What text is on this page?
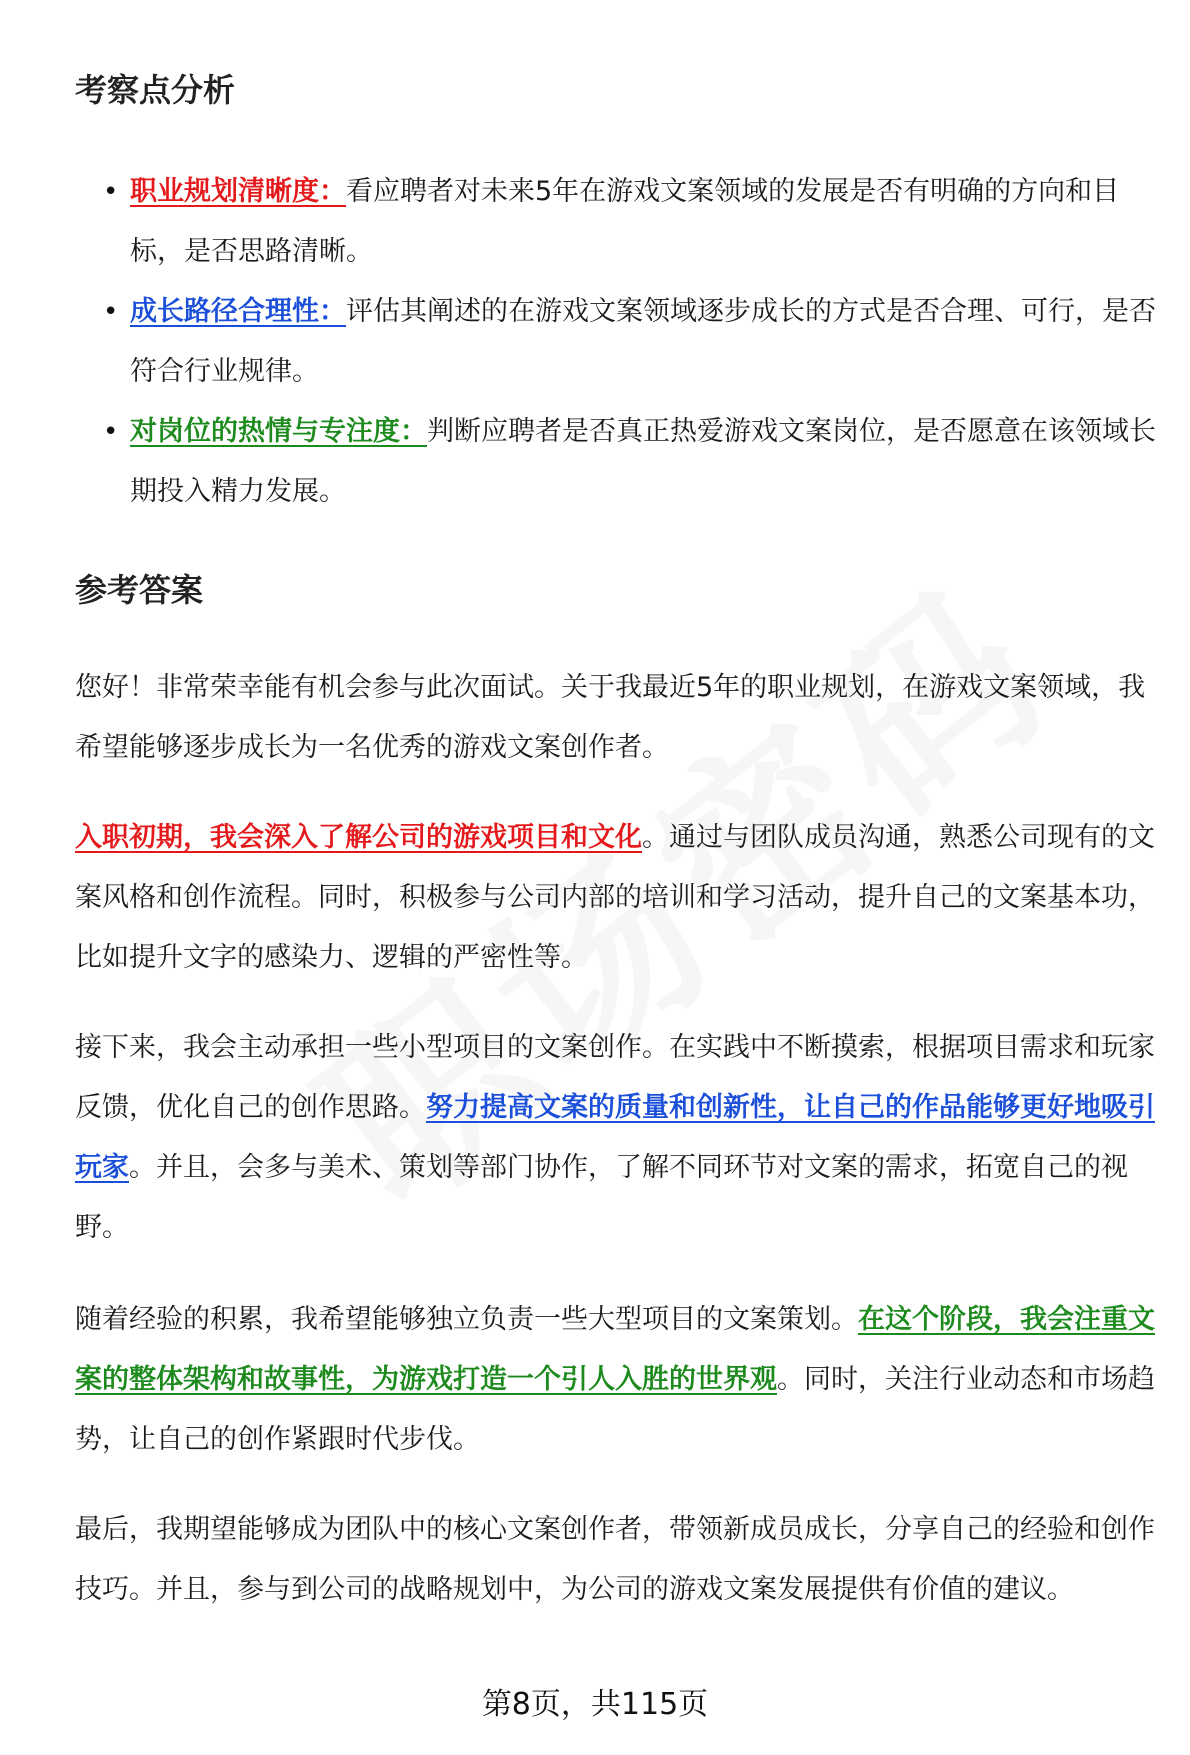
考察点分析
• 职业规划清晰度：看应聘者对未来5年在游戏文案领域的发展是否有明确的方向和目标，是否思路清晰。
• 成长路径合理性：评估其阐述的在游戏文案领域逐步成长的方式是否合理、可行，是否符合行业规律。
• 对岗位的热情与专注度：判断应聘者是否真正热爱游戏文案岗位，是否愿意在该领域长期投入精力发展。
参考答案

您好！非常荣幸能有机会参与此次面试。关于我最近5年的职业规划，在游戏文案领域，我希望能够逐步成长为一名优秀的游戏文案创作者。

入职初期，我会深入了解公司的游戏项目和文化。通过与团队成员沟通，熟悉公司现有的文案风格和创作流程。同时，积极参与公司内部的培训和学习活动，提升自己的文案基本功，比如提升文字的感染力、逻辑的严密性等。

接下来，我会主动承担一些小型项目的文案创作。在实践中不断摸索，根据项目需求和玩家反馈，优化自己的创作思路。努力提高文案的质量和创新性，让自己的作品能够更好地吸引玩家。并且，会多与美术、策划等部门协作，了解不同环节对文案的需求，拓宽自己的视野。

随着经验的积累，我希望能够独立负责一些大型项目的文案策划。在这个阶段，我会注重文案的整体架构和故事性，为游戏打造一个引人入胜的世界观。同时，关注行业动态和市场趋势，让自己的创作紧跟时代步伐。

最后，我期望能够成为团队中的核心文案创作者，带领新成员成长，分享自己的经验和创作技巧。并且，参与到公司的战略规划中，为公司的游戏文案发展提供有价值的建议。

第8页，共115页
